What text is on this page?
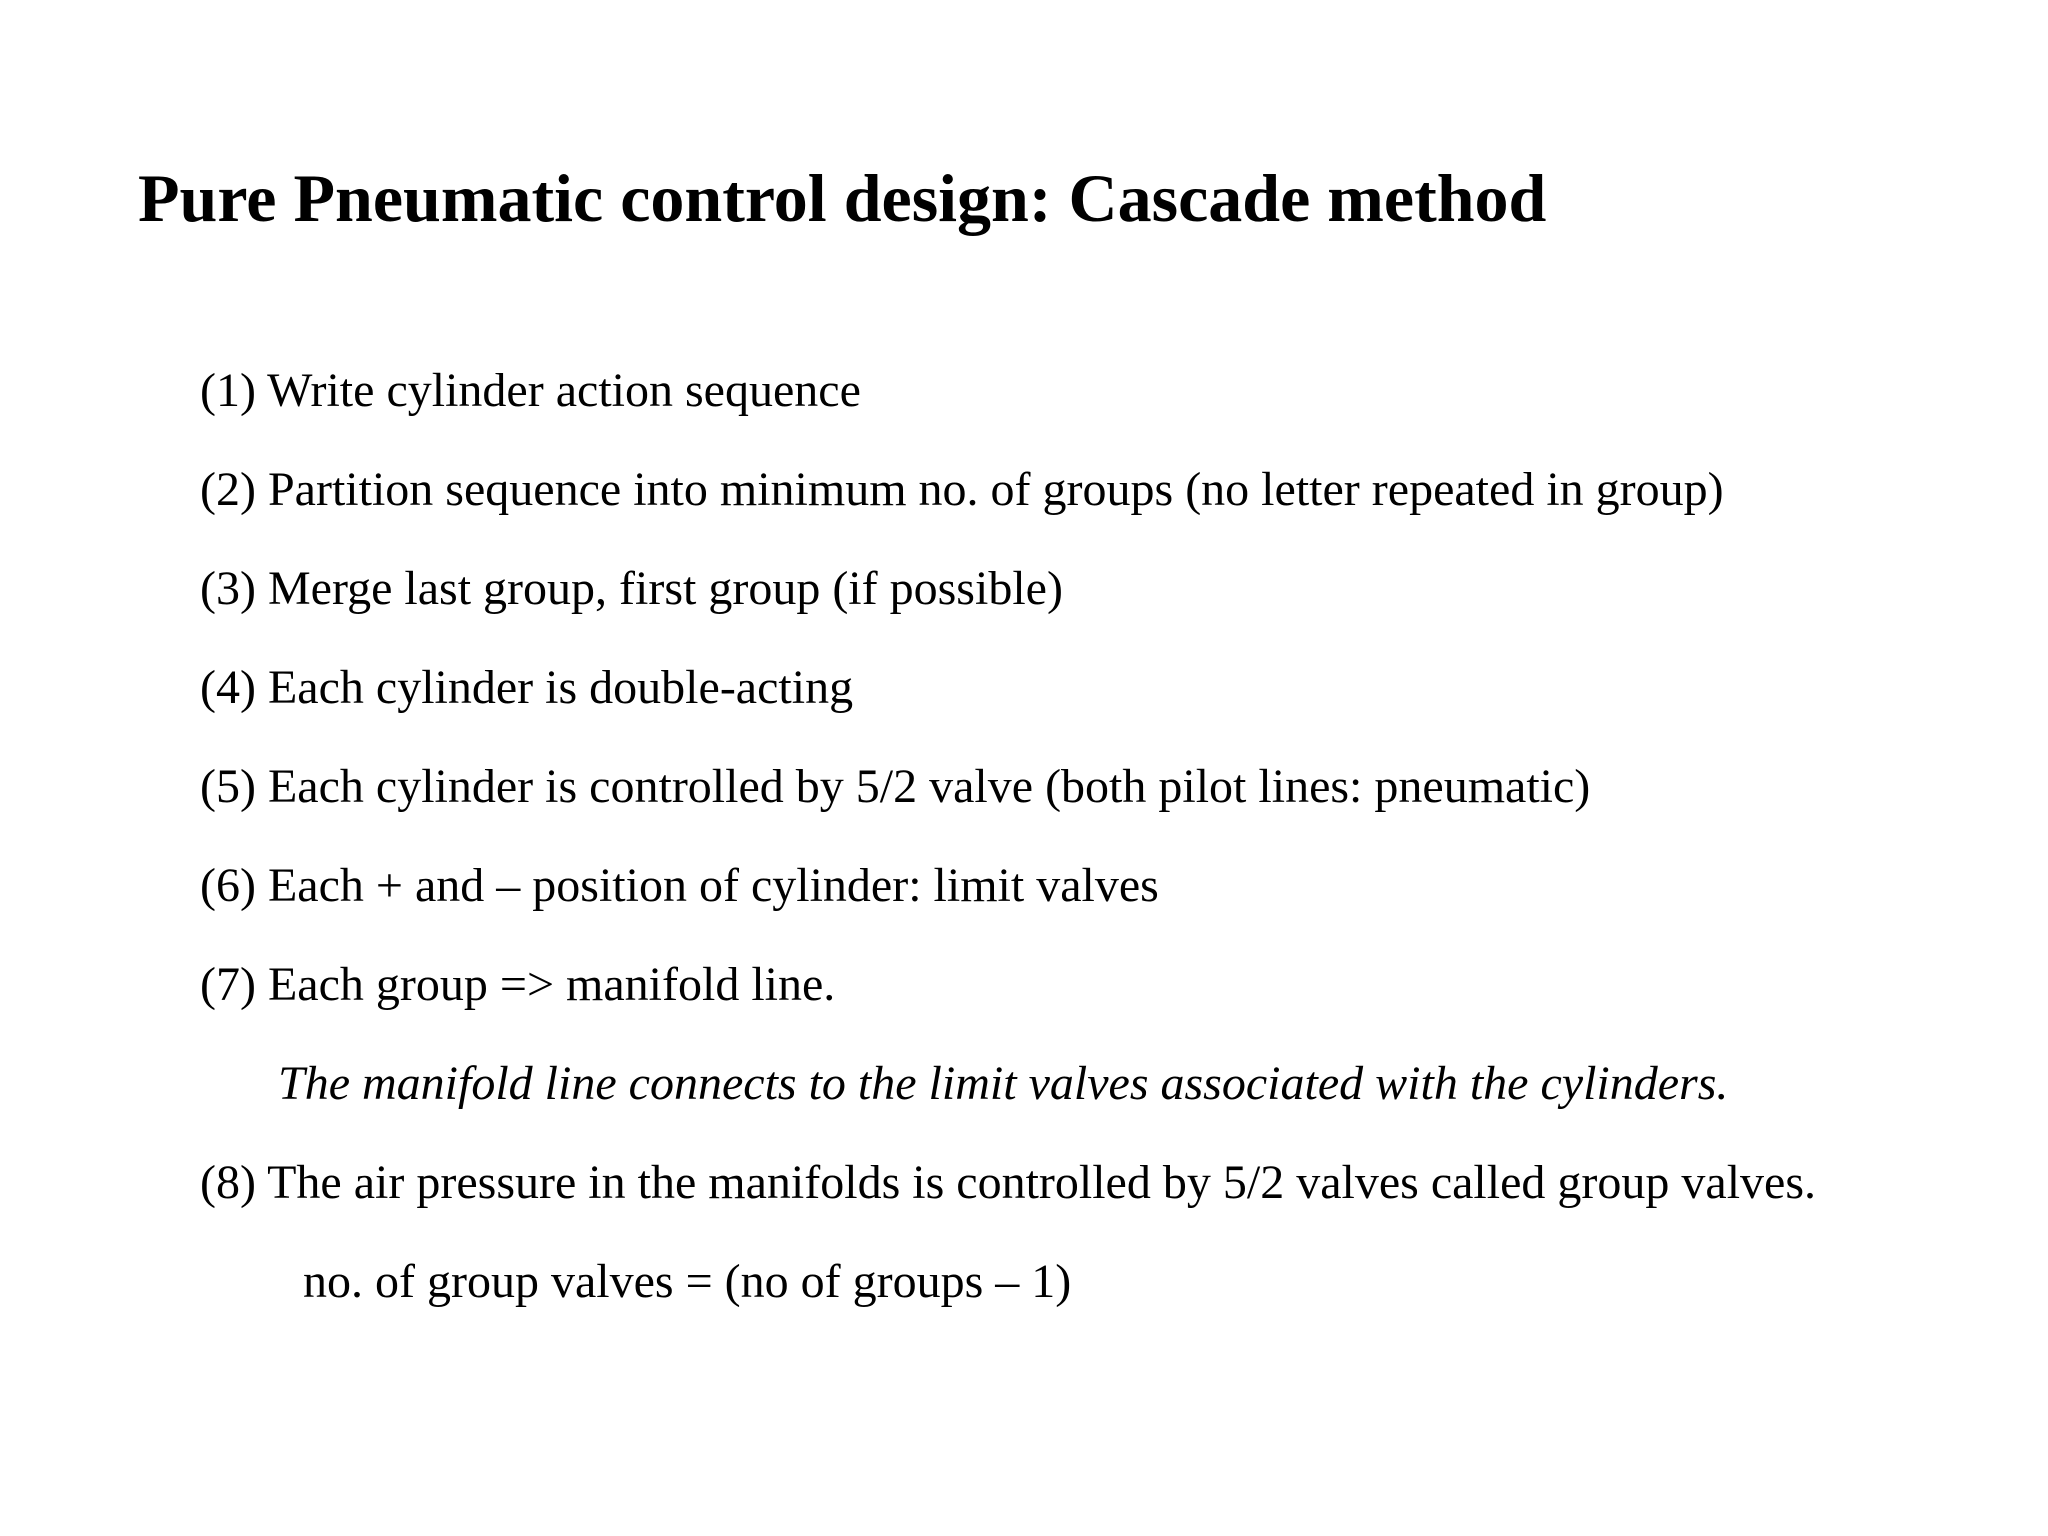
Pure Pneumatic control design: Cascade method

(1) Write cylinder action sequence

(2) Partition sequence into minimum no. of groups (no letter repeated in group)

(3) Merge last group, first group (if possible)

(4) Each cylinder is double-acting

(5) Each cylinder is controlled by 5/2 valve (both pilot lines: pneumatic)

(6) Each + and – position of cylinder: limit valves

(7) Each group => manifold line.

The manifold line connects to the limit valves associated with the cylinders.

(8) The air pressure in the manifolds is controlled by 5/2 valves called group valves.

no. of group valves = (no of groups – 1)
